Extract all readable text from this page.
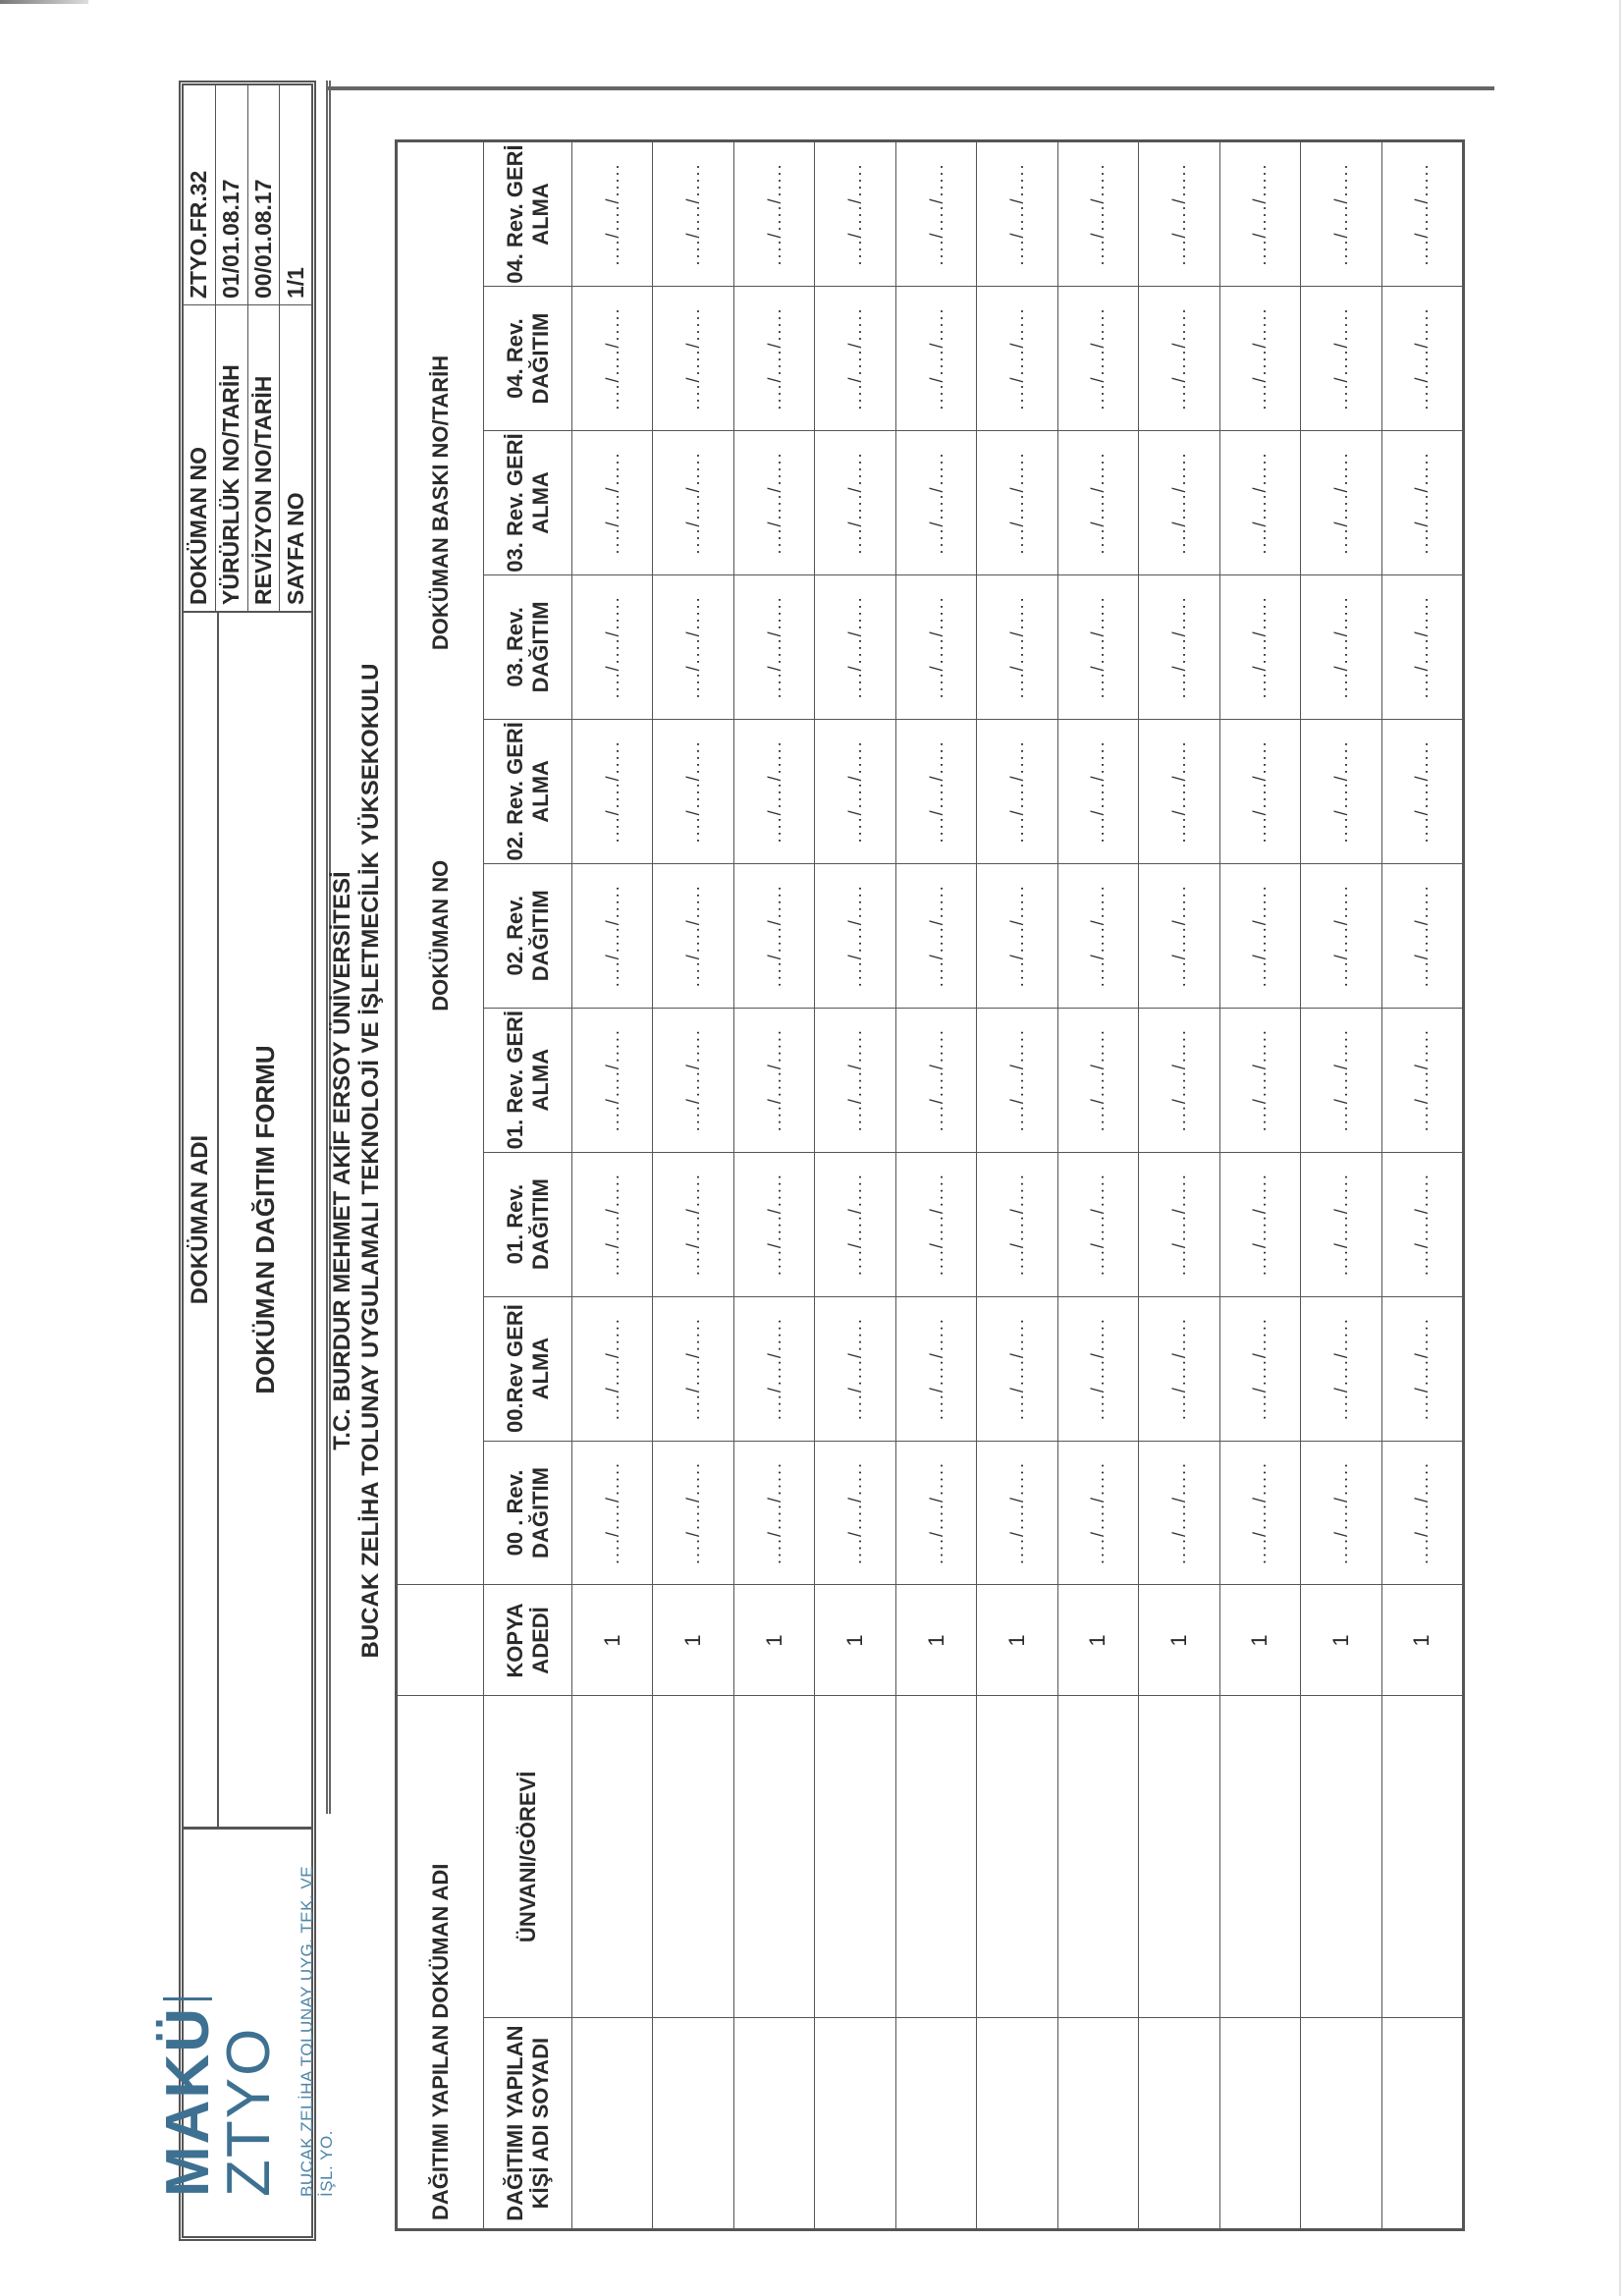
MAKÜZTYO BUCAK ZELİHA TOLUNAY UYG. TEK. VE İŞL. YO.
DOKÜMAN ADI	DOKÜMAN DAĞITIM FORMU
DOKÜMAN NO
ZTYO.FR.32
YÜRÜRLÜK NO/TARİH
01/01.08.17
REVİZYON NO/TARİH
00/01.08.17
SAYFA NO
1/1
T.C. BURDUR MEHMET AKİF ERSOY ÜNİVERSİTESİ BUCAK ZELİHA TOLUNAY UYGULAMALI TEKNOLOJİ VE İŞLETMECİLİK YÜKSEKOKULU
DAĞITIMI YAPILAN DOKÜMAN ADI						DOKÜMAN NO			DOKÜMAN BASKI NO/TARİH			
DAĞITIMI YAPILAN KİŞİ ADI SOYADI	ÜNVANI/GÖREVİ	KOPYA ADEDİ	00 . Rev. DAĞITIM	00.Rev GERİ ALMA	01. Rev. DAĞITIM	01. Rev. GERİ ALMA	02. Rev. DAĞITIM	02. Rev. GERİ ALMA	03. Rev. DAĞITIM	03. Rev. GERİ ALMA	04. Rev. DAĞITIM	04. Rev. GERİ ALMA
		1	..../..../.....	..../..../.....	..../..../.....	..../..../.....	..../..../.....	..../..../.....	..../..../.....	..../..../.....	..../..../.....	..../..../.....
		1	..../..../.....	..../..../.....	..../..../.....	..../..../.....	..../..../.....	..../..../.....	..../..../.....	..../..../.....	..../..../.....	..../..../.....
		1	..../..../.....	..../..../.....	..../..../.....	..../..../.....	..../..../.....	..../..../.....	..../..../.....	..../..../.....	..../..../.....	..../..../.....
		1	..../..../.....	..../..../.....	..../..../.....	..../..../.....	..../..../.....	..../..../.....	..../..../.....	..../..../.....	..../..../.....	..../..../.....
		1	..../..../.....	..../..../.....	..../..../.....	..../..../.....	..../..../.....	..../..../.....	..../..../.....	..../..../.....	..../..../.....	..../..../.....
		1	..../..../.....	..../..../.....	..../..../.....	..../..../.....	..../..../.....	..../..../.....	..../..../.....	..../..../.....	..../..../.....	..../..../.....
		1	..../..../.....	..../..../.....	..../..../.....	..../..../.....	..../..../.....	..../..../.....	..../..../.....	..../..../.....	..../..../.....	..../..../.....
		1	..../..../.....	..../..../.....	..../..../.....	..../..../.....	..../..../.....	..../..../.....	..../..../.....	..../..../.....	..../..../.....	..../..../.....
		1	..../..../.....	..../..../.....	..../..../.....	..../..../.....	..../..../.....	..../..../.....	..../..../.....	..../..../.....	..../..../.....	..../..../.....
		1	..../..../.....	..../..../.....	..../..../.....	..../..../.....	..../..../.....	..../..../.....	..../..../.....	..../..../.....	..../..../.....	..../..../.....
		1	..../..../.....	..../..../.....	..../..../.....	..../..../.....	..../..../.....	..../..../.....	..../..../.....	..../..../.....	..../..../.....	..../..../.....
